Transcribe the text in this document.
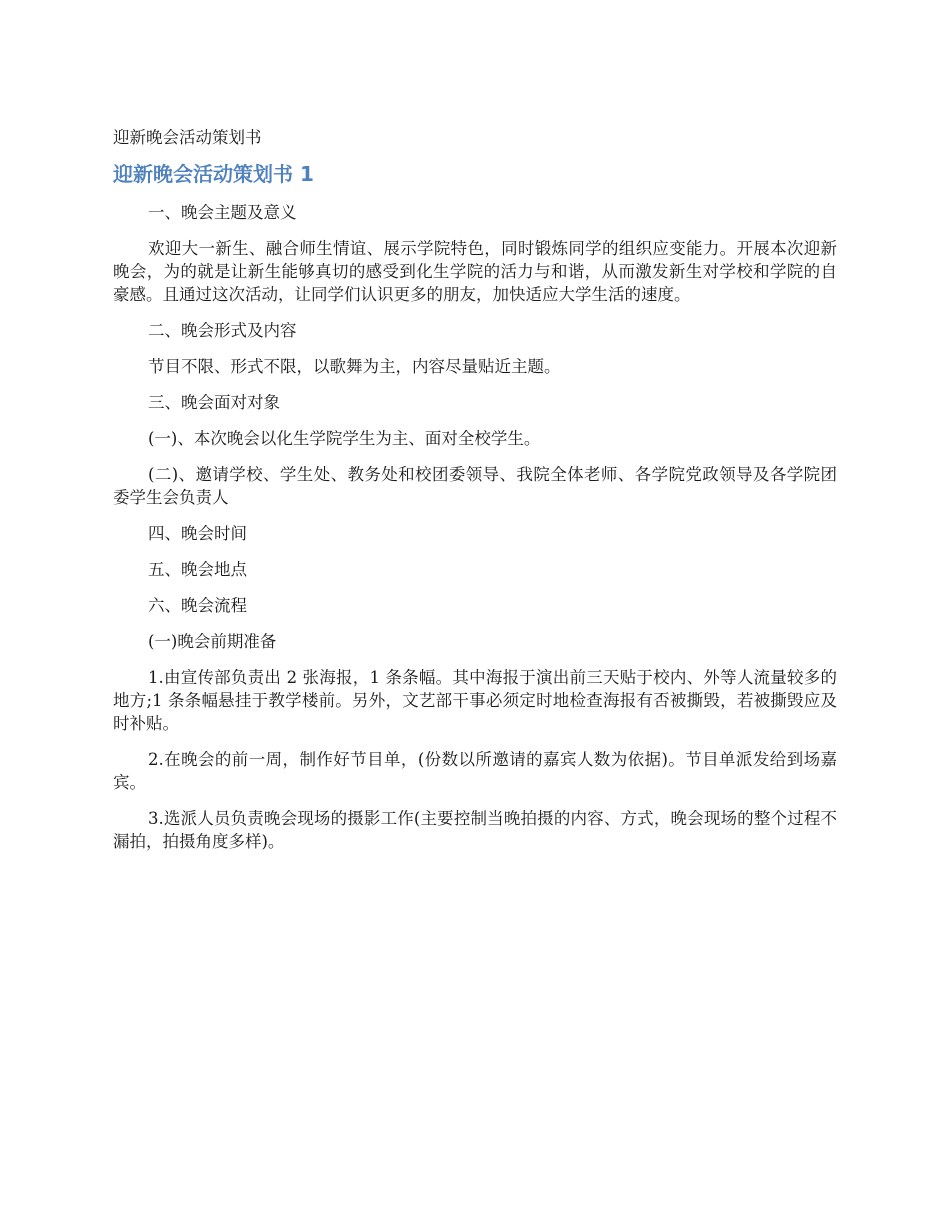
迎新晚会活动策划书
迎新晚会活动策划书 1

一、晚会主题及意义

欢迎大一新生、融合师生情谊、展示学院特色，同时锻炼同学的组织应变能力。开展本次迎新晚会，为的就是让新生能够真切的感受到化生学院的活力与和谐，从而激发新生对学校和学院的自豪感。且通过这次活动，让同学们认识更多的朋友，加快适应大学生活的速度。

二、晚会形式及内容

节目不限、形式不限，以歌舞为主，内容尽量贴近主题。

三、晚会面对对象

(一)、本次晚会以化生学院学生为主、面对全校学生。

(二)、邀请学校、学生处、教务处和校团委领导、我院全体老师、各学院党政领导及各学院团委学生会负责人

四、晚会时间

五、晚会地点

六、晚会流程

(一)晚会前期准备

1.由宣传部负责出 2 张海报，1 条条幅。其中海报于演出前三天贴于校内、外等人流量较多的地方;1 条条幅悬挂于教学楼前。另外，文艺部干事必须定时地检查海报有否被撕毁，若被撕毁应及时补贴。

2.在晚会的前一周，制作好节目单，(份数以所邀请的嘉宾人数为依据)。节目单派发给到场嘉宾。

3.选派人员负责晚会现场的摄影工作(主要控制当晚拍摄的内容、方式，晚会现场的整个过程不漏拍，拍摄角度多样)。
